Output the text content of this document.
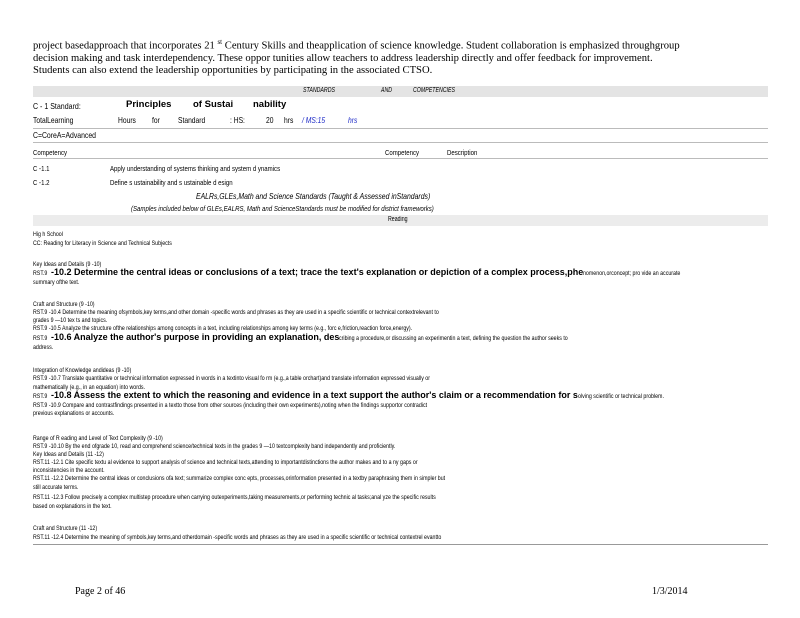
project basedapproach that incorporates 21 $^{st}$ Century Skills and theapplication of science knowledge. Student collaboration is emphasized throughgroup
decision making and task interdependency. These oppor tunities allow teachers to address leadership directly and offer feedback for improvement.
Students can also extend the leadership opportunities by participating in the associated CTSO.
STANDARDS	AND	COMPETENCIES
C - 1 Standard:	Principles of Sustai nability
TotalLearning	Hours for Standard	: HS:	20 hrs / MS:15	hrs
C=CoreA=Advanced
Competency	Competency	Description
C -1.1	Apply understanding of systems thinking and system d ynamics
C -1.2	Define s ustainability and s ustainable d esign
EALRs,GLEs,Math and Science Standards (Taught & Assessed inStandards)
(Samples included below of GLEs,EALRS, Math and ScienceStandards must be modified for district frameworks)
Reading
Hig h School
CC: Reading for Literacy in Science and Technical Subjects
Key Ideas and Details (9 -10)
RST.9-10.2 Determine the central ideas or conclusions of a text; trace the text's explanation or depiction of a complex process,phenomenon,orconcept; pro vide an accurate
summary ofthe text.
Craft and Structure (9 -10)
RST.9 -10.4 Determine the meaning ofsymbols,key terms,and other domain -specific words and phrases as they are used in a specific scientific or technical contextrelevant to
grades 9 —10 tex ts and topics.
RST.9 -10.5 Analyze the structure ofthe relationships among concepts in a text, including relationships among key terms (e.g., forc e,friction,reaction force,energy).
RST.9-10.6 Analyze the author's purpose in providing an explanation, describing a procedure,or discussing an experimentin a text, defining the question the author seeks to
address.
Integration of Knowledge andideas (9 -10)
RST.9 -10.7 Translate quantitative or technical information expressed in words in a textinto visual fo rm (e.g.,a table orchart)and translate information expressed visually or
mathematically (e.g., in an equation) into words.
RST.9-10.8 Assess the extent to which the reasoning and evidence in a text support the author's claim or a recommendation for solving scientific or technical problem.
RST.9 -10.9 Compare and contrastfindings presented in a textto those from other sources (including their own experiments),noting when the findings supportor contradict
previous explanations or accounts.
Range of R eading and Level of Text Complexity (9 -10)
RST.9 -10.10 By the end ofgrade 10, read and comprehend science/technical texts in the grades 9 —10 textcomplexity band independently and proficiently.
Key Ideas and Details (11 -12)
RST.11 -12.1 Cite specific textu al evidence to support analysis of science and technical texts,attending to importantdistinctions the author makes and to a ny gaps or
inconsistencies in the account.
RST.11 -12.2 Determine the central ideas or conclusions ofa text; summarize complex conc epts, processes,orinformation presented in a textby paraphrasing them in simpler but
still accurate terms.
RST.11 -12.3 Follow precisely a complex multistep procedure when carrying outexperiments,taking measurements,or performing technic al tasks;anal yze the specific results
based on explanations in the text.
Craft and Structure (11 -12)
RST.11 -12.4 Determine the meaning of symbols,key terms,and otherdomain -specific words and phrases as they are used in a specific scientific or technical contextrel evantto
Page 2 of 46	1/3/2014
